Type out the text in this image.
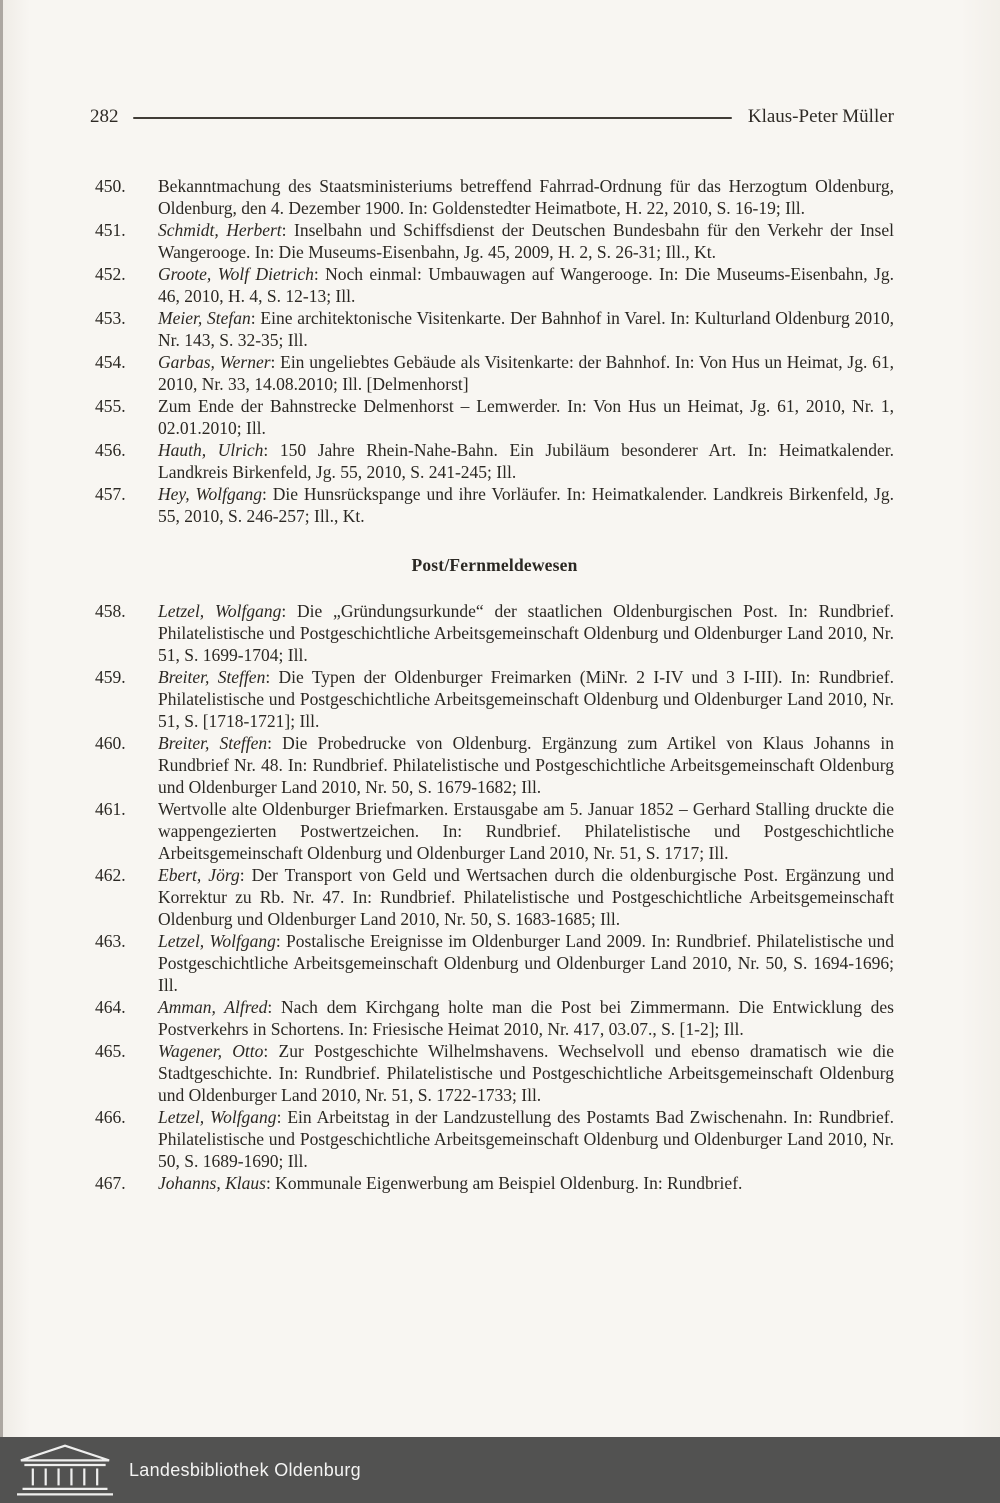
282	Klaus-Peter Müller
450.	Bekanntmachung des Staatsministeriums betreffend Fahrrad-Ordnung für das Herzogtum Oldenburg, Oldenburg, den 4. Dezember 1900. In: Goldenstedter Heimatbote, H. 22, 2010, S. 16-19; Ill.

451.	Schmidt, Herbert: Inselbahn und Schiffsdienst der Deutschen Bundesbahn für den Verkehr der Insel Wangerooge. In: Die Museums-Eisenbahn, Jg. 45, 2009, H. 2, S. 26-31; Ill., Kt.

452.	Groote, Wolf Dietrich: Noch einmal: Umbauwagen auf Wangerooge. In: Die Museums-Eisenbahn, Jg. 46, 2010, H. 4, S. 12-13; Ill.

453.	Meier, Stefan: Eine architektonische Visitenkarte. Der Bahnhof in Varel. In: Kulturland Oldenburg 2010, Nr. 143, S. 32-35; Ill.

454.	Garbas, Werner: Ein ungeliebtes Gebäude als Visitenkarte: der Bahnhof. In: Von Hus un Heimat, Jg. 61, 2010, Nr. 33, 14.08.2010; Ill. [Delmenhorst]

455.	Zum Ende der Bahnstrecke Delmenhorst – Lemwerder. In: Von Hus un Heimat, Jg. 61, 2010, Nr. 1, 02.01.2010; Ill.

456.	Hauth, Ulrich: 150 Jahre Rhein-Nahe-Bahn. Ein Jubiläum besonderer Art. In: Heimatkalender. Landkreis Birkenfeld, Jg. 55, 2010, S. 241-245; Ill.

457.	Hey, Wolfgang: Die Hunsrückspange und ihre Vorläufer. In: Heimatkalender. Landkreis Birkenfeld, Jg. 55, 2010, S. 246-257; Ill., Kt.

Post/Fernmeldewesen
458.	Letzel, Wolfgang: Die „Gründungsurkunde“ der staatlichen Oldenburgischen Post. In: Rundbrief. Philatelistische und Postgeschichtliche Arbeitsgemeinschaft Oldenburg und Oldenburger Land 2010, Nr. 51, S. 1699-1704; Ill.

459.	Breiter, Steffen: Die Typen der Oldenburger Freimarken (MiNr. 2 I-IV und 3 I-III). In: Rundbrief. Philatelistische und Postgeschichtliche Arbeitsgemeinschaft Oldenburg und Oldenburger Land 2010, Nr. 51, S. [1718-1721]; Ill.

460.	Breiter, Steffen: Die Probedrucke von Oldenburg. Ergänzung zum Artikel von Klaus Johanns in Rundbrief Nr. 48. In: Rundbrief. Philatelistische und Postgeschichtliche Arbeitsgemeinschaft Oldenburg und Oldenburger Land 2010, Nr. 50, S. 1679-1682; Ill.

461.	Wertvolle alte Oldenburger Briefmarken. Erstausgabe am 5. Januar 1852 – Gerhard Stalling druckte die wappengezierten Postwertzeichen. In: Rundbrief. Philatelistische und Postgeschichtliche Arbeitsgemeinschaft Oldenburg und Oldenburger Land 2010, Nr. 51, S. 1717; Ill.

462.	Ebert, Jörg: Der Transport von Geld und Wertsachen durch die oldenburgische Post. Ergänzung und Korrektur zu Rb. Nr. 47. In: Rundbrief. Philatelistische und Postgeschichtliche Arbeitsgemeinschaft Oldenburg und Oldenburger Land 2010, Nr. 50, S. 1683-1685; Ill.

463.	Letzel, Wolfgang: Postalische Ereignisse im Oldenburger Land 2009. In: Rundbrief. Philatelistische und Postgeschichtliche Arbeitsgemeinschaft Oldenburg und Oldenburger Land 2010, Nr. 50, S. 1694-1696; Ill.

464.	Amman, Alfred: Nach dem Kirchgang holte man die Post bei Zimmermann. Die Entwicklung des Postverkehrs in Schortens. In: Friesische Heimat 2010, Nr. 417, 03.07., S. [1-2]; Ill.

465.	Wagener, Otto: Zur Postgeschichte Wilhelmshavens. Wechselvoll und ebenso dramatisch wie die Stadtgeschichte. In: Rundbrief. Philatelistische und Postgeschichtliche Arbeitsgemeinschaft Oldenburg und Oldenburger Land 2010, Nr. 51, S. 1722-1733; Ill.

466.	Letzel, Wolfgang: Ein Arbeitstag in der Landzustellung des Postamts Bad Zwischenahn. In: Rundbrief. Philatelistische und Postgeschichtliche Arbeitsgemeinschaft Oldenburg und Oldenburger Land 2010, Nr. 50, S. 1689-1690; Ill.

467.	Johanns, Klaus: Kommunale Eigenwerbung am Beispiel Oldenburg. In: Rundbrief.

Landesbibliothek Oldenburg
